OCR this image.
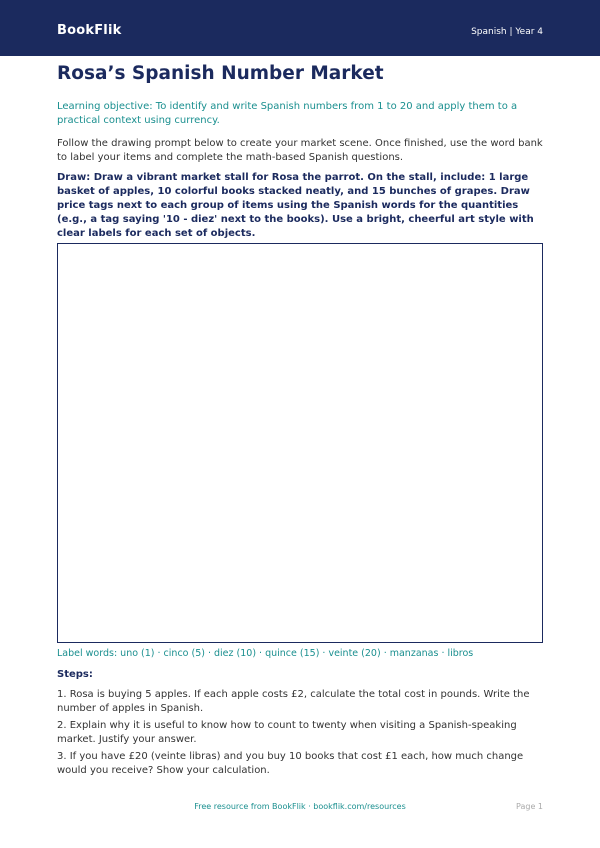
BookFlik	Spanish | Year 4
Rosa’s Spanish Number Market
Learning objective: To identify and write Spanish numbers from 1 to 20 and apply them to a practical context using currency.
Follow the drawing prompt below to create your market scene. Once finished, use the word bank to label your items and complete the math-based Spanish questions.
Draw: Draw a vibrant market stall for Rosa the parrot. On the stall, include: 1 large basket of apples, 10 colorful books stacked neatly, and 15 bunches of grapes. Draw price tags next to each group of items using the Spanish words for the quantities (e.g., a tag saying '10 - diez' next to the books). Use a bright, cheerful art style with clear labels for each set of objects.
Label words: uno (1) · cinco (5) · diez (10) · quince (15) · veinte (20) · manzanas · libros
Steps:
1. Rosa is buying 5 apples. If each apple costs £2, calculate the total cost in pounds. Write the number of apples in Spanish.
2. Explain why it is useful to know how to count to twenty when visiting a Spanish-speaking market. Justify your answer.
3. If you have £20 (veinte libras) and you buy 10 books that cost £1 each, how much change would you receive? Show your calculation.
Free resource from BookFlik · bookflik.com/resources	Page 1
